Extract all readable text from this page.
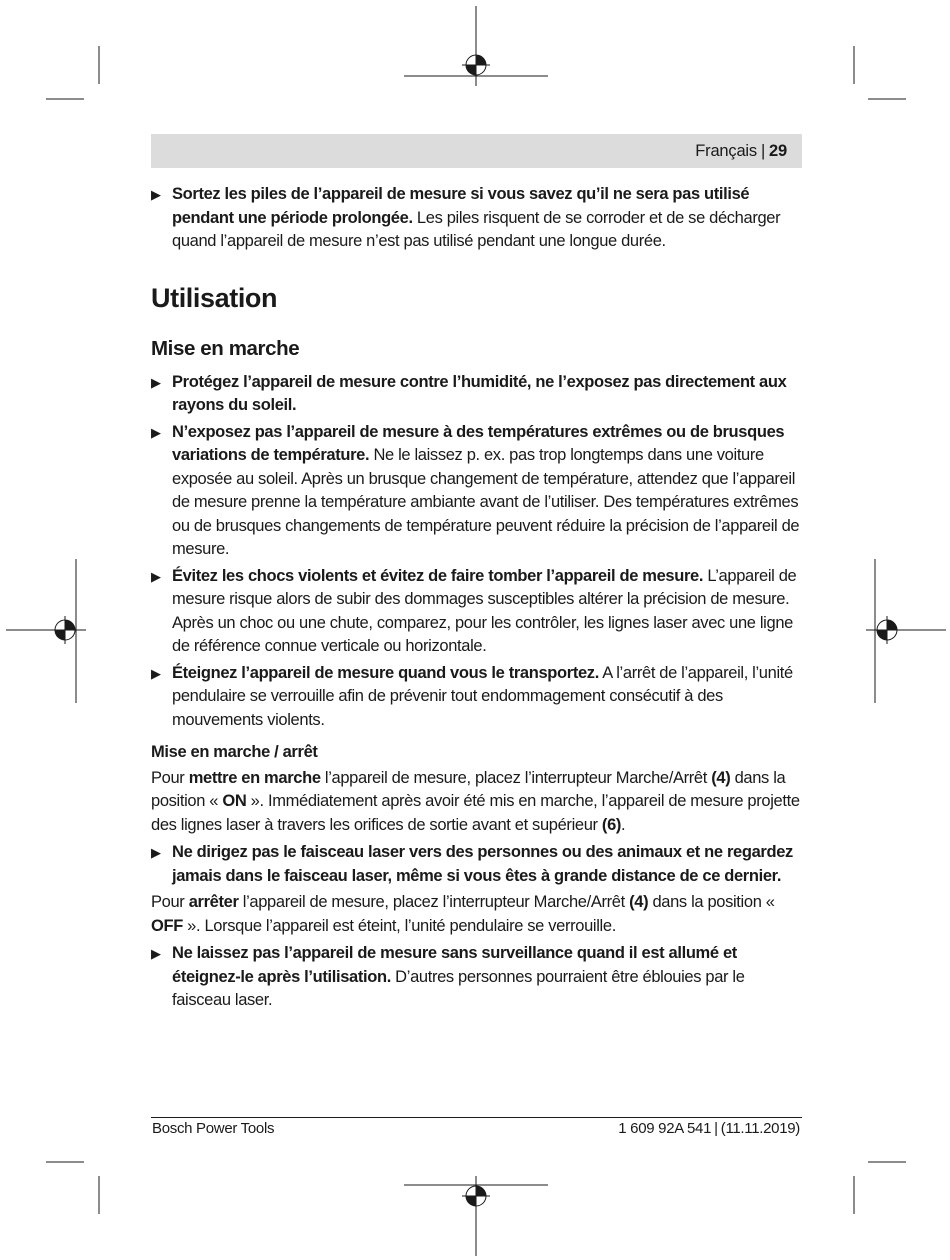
Français | 29
▶ Sortez les piles de l’appareil de mesure si vous savez qu’il ne sera pas utilisé pendant une période prolongée. Les piles risquent de se corroder et de se décharger quand l’appareil de mesure n’est pas utilisé pendant une longue durée.
Utilisation
Mise en marche
▶ Protégez l’appareil de mesure contre l’humidité, ne l’exposez pas directement aux rayons du soleil.
▶ N’exposez pas l’appareil de mesure à des températures extrêmes ou de brusques variations de température. Ne le laissez p. ex. pas trop longtemps dans une voiture exposée au soleil. Après un brusque changement de température, attendez que l’appareil de mesure prenne la température ambiante avant de l’utiliser. Des températures extrêmes ou de brusques changements de température peuvent réduire la précision de l’appareil de mesure.
▶ Évitez les chocs violents et évitez de faire tomber l’appareil de mesure. L’appareil de mesure risque alors de subir des dommages susceptibles altérer la précision de mesure. Après un choc ou une chute, comparez, pour les contrôler, les lignes laser avec une ligne de référence connue verticale ou horizontale.
▶ Éteignez l’appareil de mesure quand vous le transportez. A l’arrêt de l’appareil, l’unité pendulaire se verrouille afin de prévenir tout endommagement consécutif à des mouvements violents.
Mise en marche / arrêt
Pour mettre en marche l’appareil de mesure, placez l’interrupteur Marche/Arrêt (4) dans la position « ON ». Immédiatement après avoir été mis en marche, l’appareil de mesure projette des lignes laser à travers les orifices de sortie avant et supérieur (6).
▶ Ne dirigez pas le faisceau laser vers des personnes ou des animaux et ne regardez jamais dans le faisceau laser, même si vous êtes à grande distance de ce dernier.
Pour arrêter l’appareil de mesure, placez l’interrupteur Marche/Arrêt (4) dans la position « OFF ». Lorsque l’appareil est éteint, l’unité pendulaire se verrouille.
▶ Ne laissez pas l’appareil de mesure sans surveillance quand il est allumé et éteignez-le après l’utilisation. D’autres personnes pourraient être éblouies par le faisceau laser.
Bosch Power Tools	1 609 92A 541 | (11.11.2019)
